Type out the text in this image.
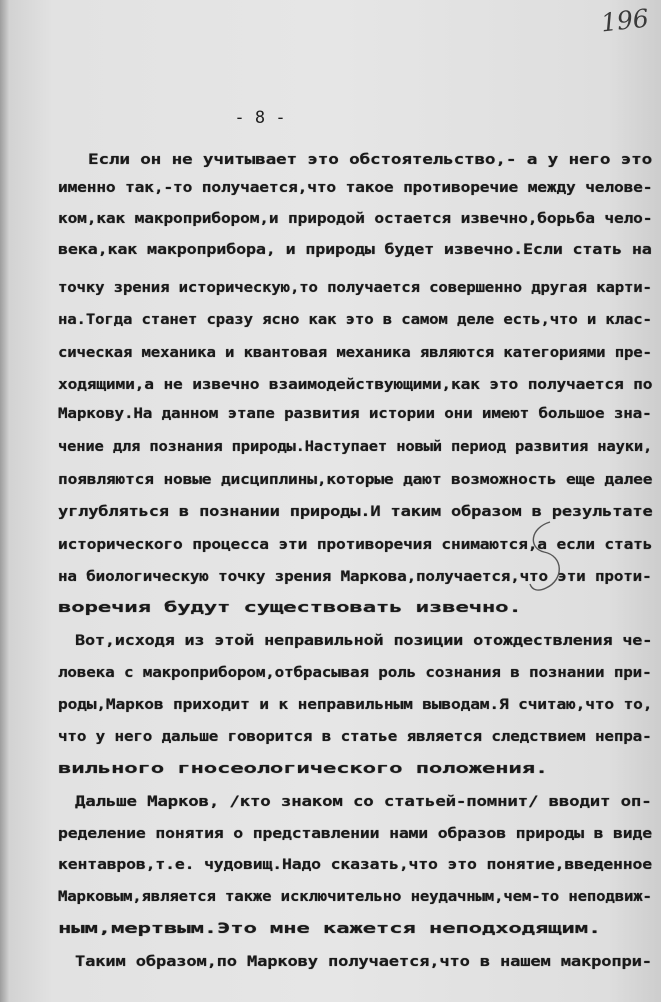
196
- 8 -
Если он не учитывает это обстоятельство,- а у него это
именно так,-то получается,что такое противоречие между челове-
ком,как макроприбором,и природой остается извечно,борьба чело-
века,как макроприбора, и природы будет извечно.Если стать на
точку зрения историческую,то получается совершенно другая карти-
на.Тогда станет сразу ясно как это в самом деле есть,что и клас-
сическая механика и квантовая механика являются категориями пре-
ходящими,а не извечно взаимодействующими,как это получается по
Маркову.На данном этапе развития истории они имеют большое зна-
чение для познания природы.Наступает новый период развития науки,
появляются новые дисциплины,которые дают возможность еще далее
углубляться в познании природы.И таким образом в результате
исторического процесса эти противоречия снимаются,а если стать
на биологическую точку зрения Маркова,получается,что эти проти-
воречия будут существовать извечно.
Вот,исходя из этой неправильной позиции отождествления че-
ловека с макроприбором,отбрасывая роль сознания в познании при-
роды,Марков приходит и к неправильным выводам.Я считаю,что то,
что у него дальше говорится в статье является следствием непра-
вильного гносеологического положения.
Дальше Марков, /кто знаком со статьей-помнит/ вводит оп-
ределение понятия о представлении нами образов природы в виде
кентавров,т.е. чудовищ.Надо сказать,что это понятие,введенное
Марковым,является также исключительно неудачным,чем-то неподвиж-
ным,мертвым.Это мне кажется неподходящим.
Таким образом,по Маркову получается,что в нашем макропри-
